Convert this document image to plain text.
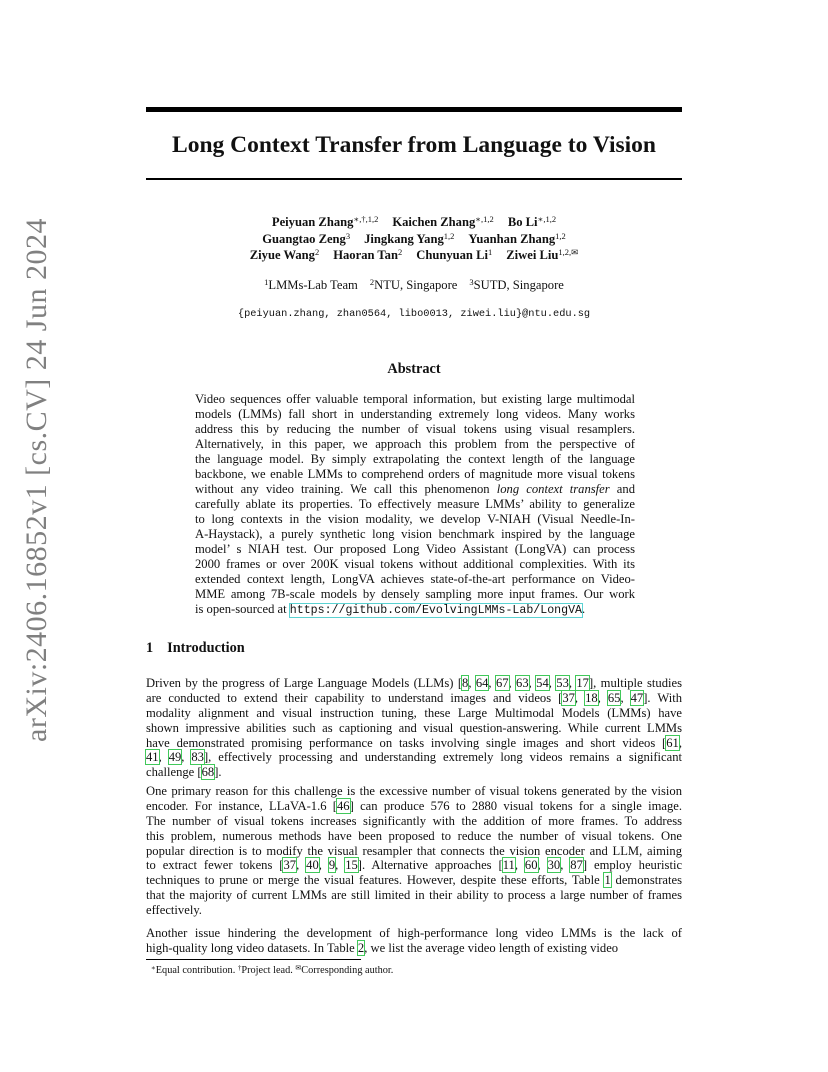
arXiv:2406.16852v1 [cs.CV] 24 Jun 2024
Long Context Transfer from Language to Vision
Peiyuan Zhang$^{∗,\dagger,1,2}$ Kaichen Zhang$^{∗,1,2}$ Bo $Li^{∗,1,2}$
Guangtao Zeng$^3$ Jingkang Yang$^{1,2}$ Yuanhan Zhang$^{1,2}$
Ziyue Wang$^2$ Haoran Tan$^2$ Chunyuan Li$^1$ Ziwei Liu$^{1,2,✉}$
$^1$LMMs-Lab Team $^2$NTU, Singapore $^3$SUTD, Singapore
{peiyuan.zhang, zhan0564, libo0013, ziwei.liu}@ntu.edu.sg
Abstract
Video sequences offer valuable temporal information, but existing large multimodal
models (LMMs) fall short in understanding extremely long videos. Many works
address this by reducing the number of visual tokens using visual resamplers.
Alternatively, in this paper, we approach this problem from the perspective of
the language model. By simply extrapolating the context length of the language
backbone, we enable LMMs to comprehend orders of magnitude more visual tokens
without any video training. We call this phenomenon long context transfer and
carefully ablate its properties. To effectively measure LMMs’ ability to generalize
to long contexts in the vision modality, we develop V-NIAH (Visual Needle-In-
A-Haystack), a purely synthetic long vision benchmark inspired by the language
model’ s NIAH test. Our proposed Long Video Assistant (LongVA) can process
2000 frames or over 200K visual tokens without additional complexities. With its
extended context length, LongVA achieves state-of-the-art performance on Video-
MME among 7B-scale models by densely sampling more input frames. Our work
is open-sourced at https://github.com/EvolvingLMMs-Lab/LongVA.
1 Introduction
Driven by the progress of Large Language Models (LLMs) [8, 64, 67, 63, 54, 53, 17], multiple studies
are conducted to extend their capability to understand images and videos [37, 18, 65, 47]. With
modality alignment and visual instruction tuning, these Large Multimodal Models (LMMs) have
shown impressive abilities such as captioning and visual question-answering. While current LMMs
have demonstrated promising performance on tasks involving single images and short videos [61,
41, 49, 83], effectively processing and understanding extremely long videos remains a significant
challenge [68].
One primary reason for this challenge is the excessive number of visual tokens generated by the vision
encoder. For instance, LLaVA-1.6 [46] can produce 576 to 2880 visual tokens for a single image.
The number of visual tokens increases significantly with the addition of more frames. To address
this problem, numerous methods have been proposed to reduce the number of visual tokens. One
popular direction is to modify the visual resampler that connects the vision encoder and LLM, aiming
to extract fewer tokens [37, 40, 9, 15]. Alternative approaches [11, 60, 30, 87] employ heuristic
techniques to prune or merge the visual features. However, despite these efforts, Table 1 demonstrates
that the majority of current LMMs are still limited in their ability to process a large number of frames
effectively.
Another issue hindering the development of high-performance long video LMMs is the lack of
high-quality long video datasets. In Table 2, we list the average video length of existing video
∗Equal contribution. †Project lead. ✉Corresponding author.
